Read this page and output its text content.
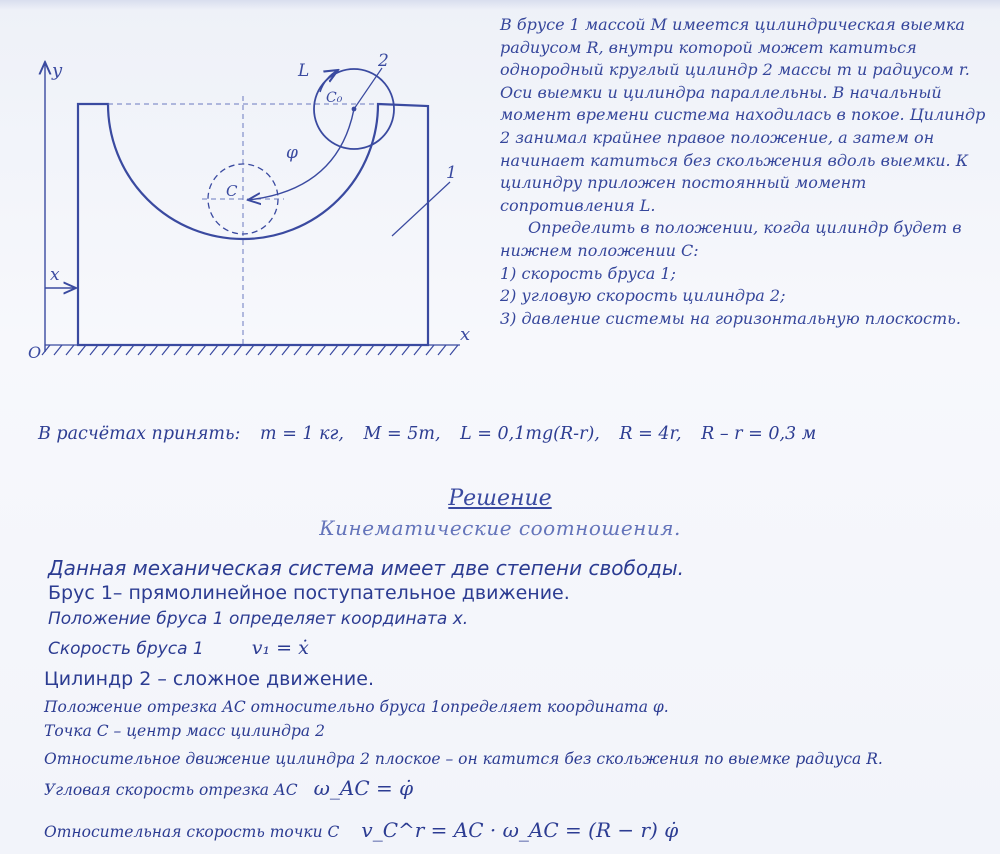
y
x
O
x
C₀
2
L
C
φ
1

В брусе 1 массой M имеется цилиндрическая выемка радиусом R, внутри которой может катиться однородный круглый цилиндр 2 массы m и радиусом r. Оси выемки и цилиндра параллельны. В начальный момент времени система находилась в покое. Цилиндр 2 занимал крайнее правое положение, а затем он начинает катиться без скольжения вдоль выемки. К цилиндру приложен постоянный момент сопротивления L.

Определить в положении, когда цилиндр будет в нижнем положении С:

1) скорость бруса 1;
2) угловую скорость цилиндра 2;
3) давление системы на горизонтальную плоскость.
В расчётах принять: m = 1 кг, M = 5m, L = 0,1mg(R-r), R = 4r, R – r = 0,3 м
Решение
Кинематические соотношения.
Данная механическая система имеет две степени свободы.
Брус 1– прямолинейное поступательное движение.
Положение бруса 1 определяет координата x.
Скорость бруса 1	v₁ = ẋ
Цилиндр 2 – сложное движение.
Положение отрезка АС относительно бруса 1определяет координата φ.
Точка С – центр масс цилиндра 2
Относительное движение цилиндра 2 плоское – он катится без скольжения по выемке радиуса R.
Угловая скорость отрезка АС ω_AC = φ̇
Относительная скорость точки С v_C^r = AC · ω_AC = (R − r) φ̇
